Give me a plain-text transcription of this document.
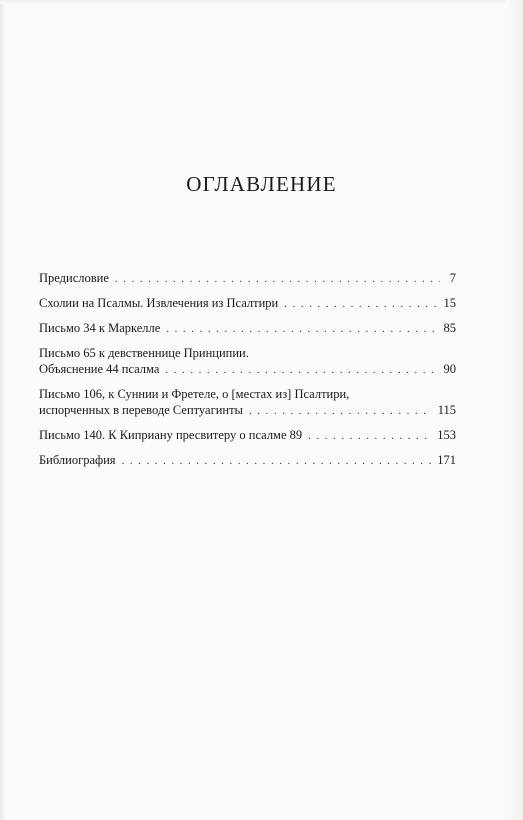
ОГЛАВЛЕНИЕ
Предисловие . . .	7
Схолии на Псалмы. Извлечения из Псалтири . . .	15
Письмо 34 к Маркелле . . .	85
Письмо 65 к девственнице Принципии.
Объяснение 44 псалма . . .	90
Письмо 106, к Суннии и Фретеле, о [местах из] Псалтири,
испорченных в переводе Септуагинты . . .	115
Письмо 140. К Киприану пресвитеру о псалме 89 . . .	153
Библиография . . .	171
